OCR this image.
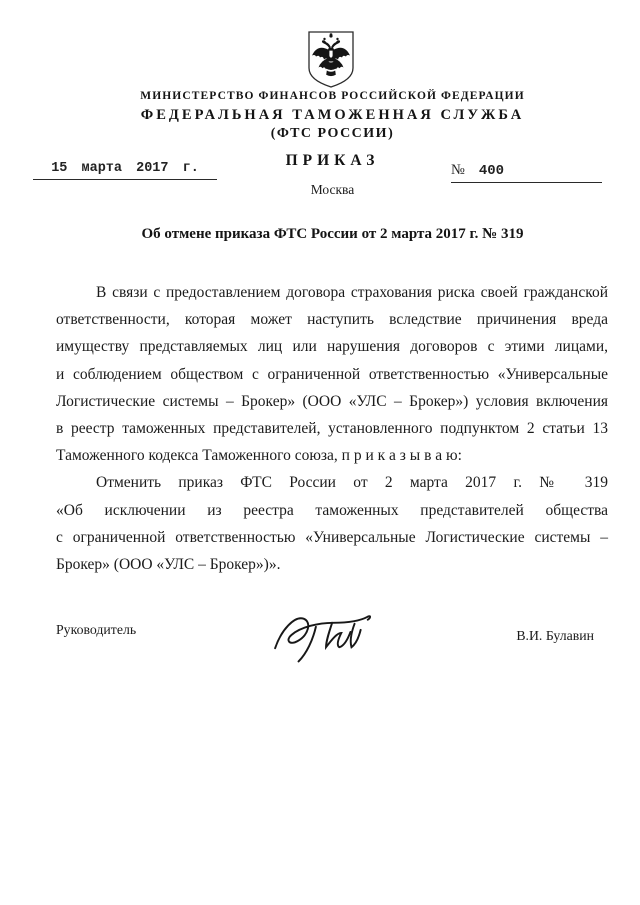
МИНИСТЕРСТВО ФИНАНСОВ РОССИЙСКОЙ ФЕДЕРАЦИИ
ФЕДЕРАЛЬНАЯ ТАМОЖЕННАЯ СЛУЖБА
(ФТС РОССИИ)
ПРИКАЗ
15 марта 2017 г.	№ 400
Москва
Об отмене приказа ФТС России от 2 марта 2017 г. № 319
В связи с предоставлением договора страхования риска своей гражданской
ответственности, которая может наступить вследствие причинения вреда
имуществу представляемых лиц или нарушения договоров с этими лицами,
и соблюдением обществом с ограниченной ответственностью «Универсальные
Логистические системы – Брокер» (ООО «УЛС – Брокер») условия включения
в реестр таможенных представителей, установленного подпунктом 2 статьи 13
Таможенного кодекса Таможенного союза, п р и к а з ы в а ю:
Отменить приказ ФТС России от 2 марта 2017 г. № 319
«Об исключении из реестра таможенных представителей общества
с ограниченной ответственностью «Универсальные Логистические системы –
Брокер» (ООО «УЛС – Брокер»)».
Руководитель	В.И. Булавин
